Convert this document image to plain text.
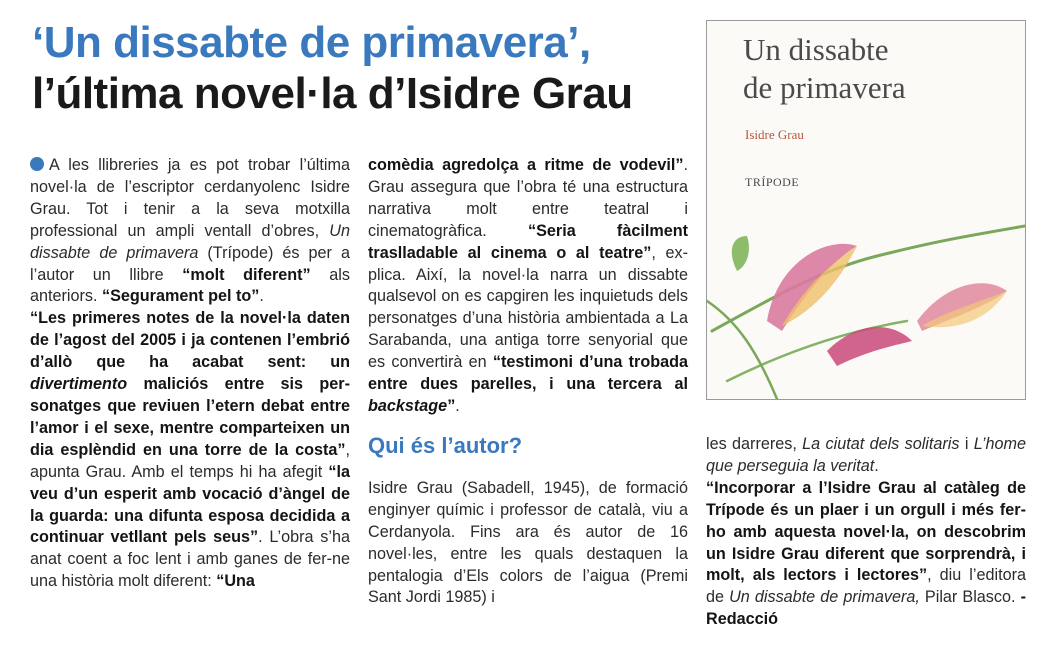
‘Un dissabte de primavera’,
l’última novel·la d’Isidre Grau
Un dissabte
de primavera
Isidre Grau
TRÍPODE

A les llibreries ja es pot trobar l’última novel·la de l’escriptor cerdanyolenc Isidre Grau. Tot i tenir a la seva motxilla professional un ampli ventall d’obres, Un dissabte de primavera (Trípode) és per a l’autor un llibre “molt diferent” als anteriors. “Segurament pel to”.

“Les primeres notes de la novel·la daten de l’agost del 2005 i ja contenen l’embrió d’allò que ha acabat sent: un divertimento maliciós entre sis personatges que reviuen l’etern debat entre l’amor i el sexe, mentre comparteixen un dia esplèndid en una torre de la costa”, apunta Grau. Amb el temps hi ha afegit “la veu d’un esperit amb vocació d’àngel de la guarda: una difunta esposa decidida a continuar vetllant pels seus”. L’obra s’ha anat coent a foc lent i amb ganes de fer-ne una història molt diferent: “Una

comèdia agredolça a ritme de vodevil”. Grau assegura que l’obra té una estructura narrativa molt entre teatral i cinematogràfica. “Seria fàcilment traslladable al cinema o al teatre”, explica. Així, la novel·la narra un dissabte qualsevol on es capgiren les inquietuds dels personatges d’una història ambientada a La Sarabanda, una antiga torre senyorial que es convertirà en “testimoni d’una trobada entre dues parelles, i una tercera al backstage”.

Qui és l’autor?

Isidre Grau (Sabadell, 1945), de formació enginyer químic i professor de català, viu a Cerdanyola. Fins ara és autor de 16 novel·les, entre les quals destaquen la pentalogia d’Els colors de l’aigua (Premi Sant Jordi 1985) i

les darreres, La ciutat dels solitaris i L’home que perseguia la veritat.

“Incorporar a l’Isidre Grau al catàleg de Trípode és un plaer i un orgull i més fer-ho amb aquesta novel·la, on descobrim un Isidre Grau diferent que sorprendrà, i molt, als lectors i lectores”, diu l’editora de Un dissabte de primavera, Pilar Blasco. - Redacció
